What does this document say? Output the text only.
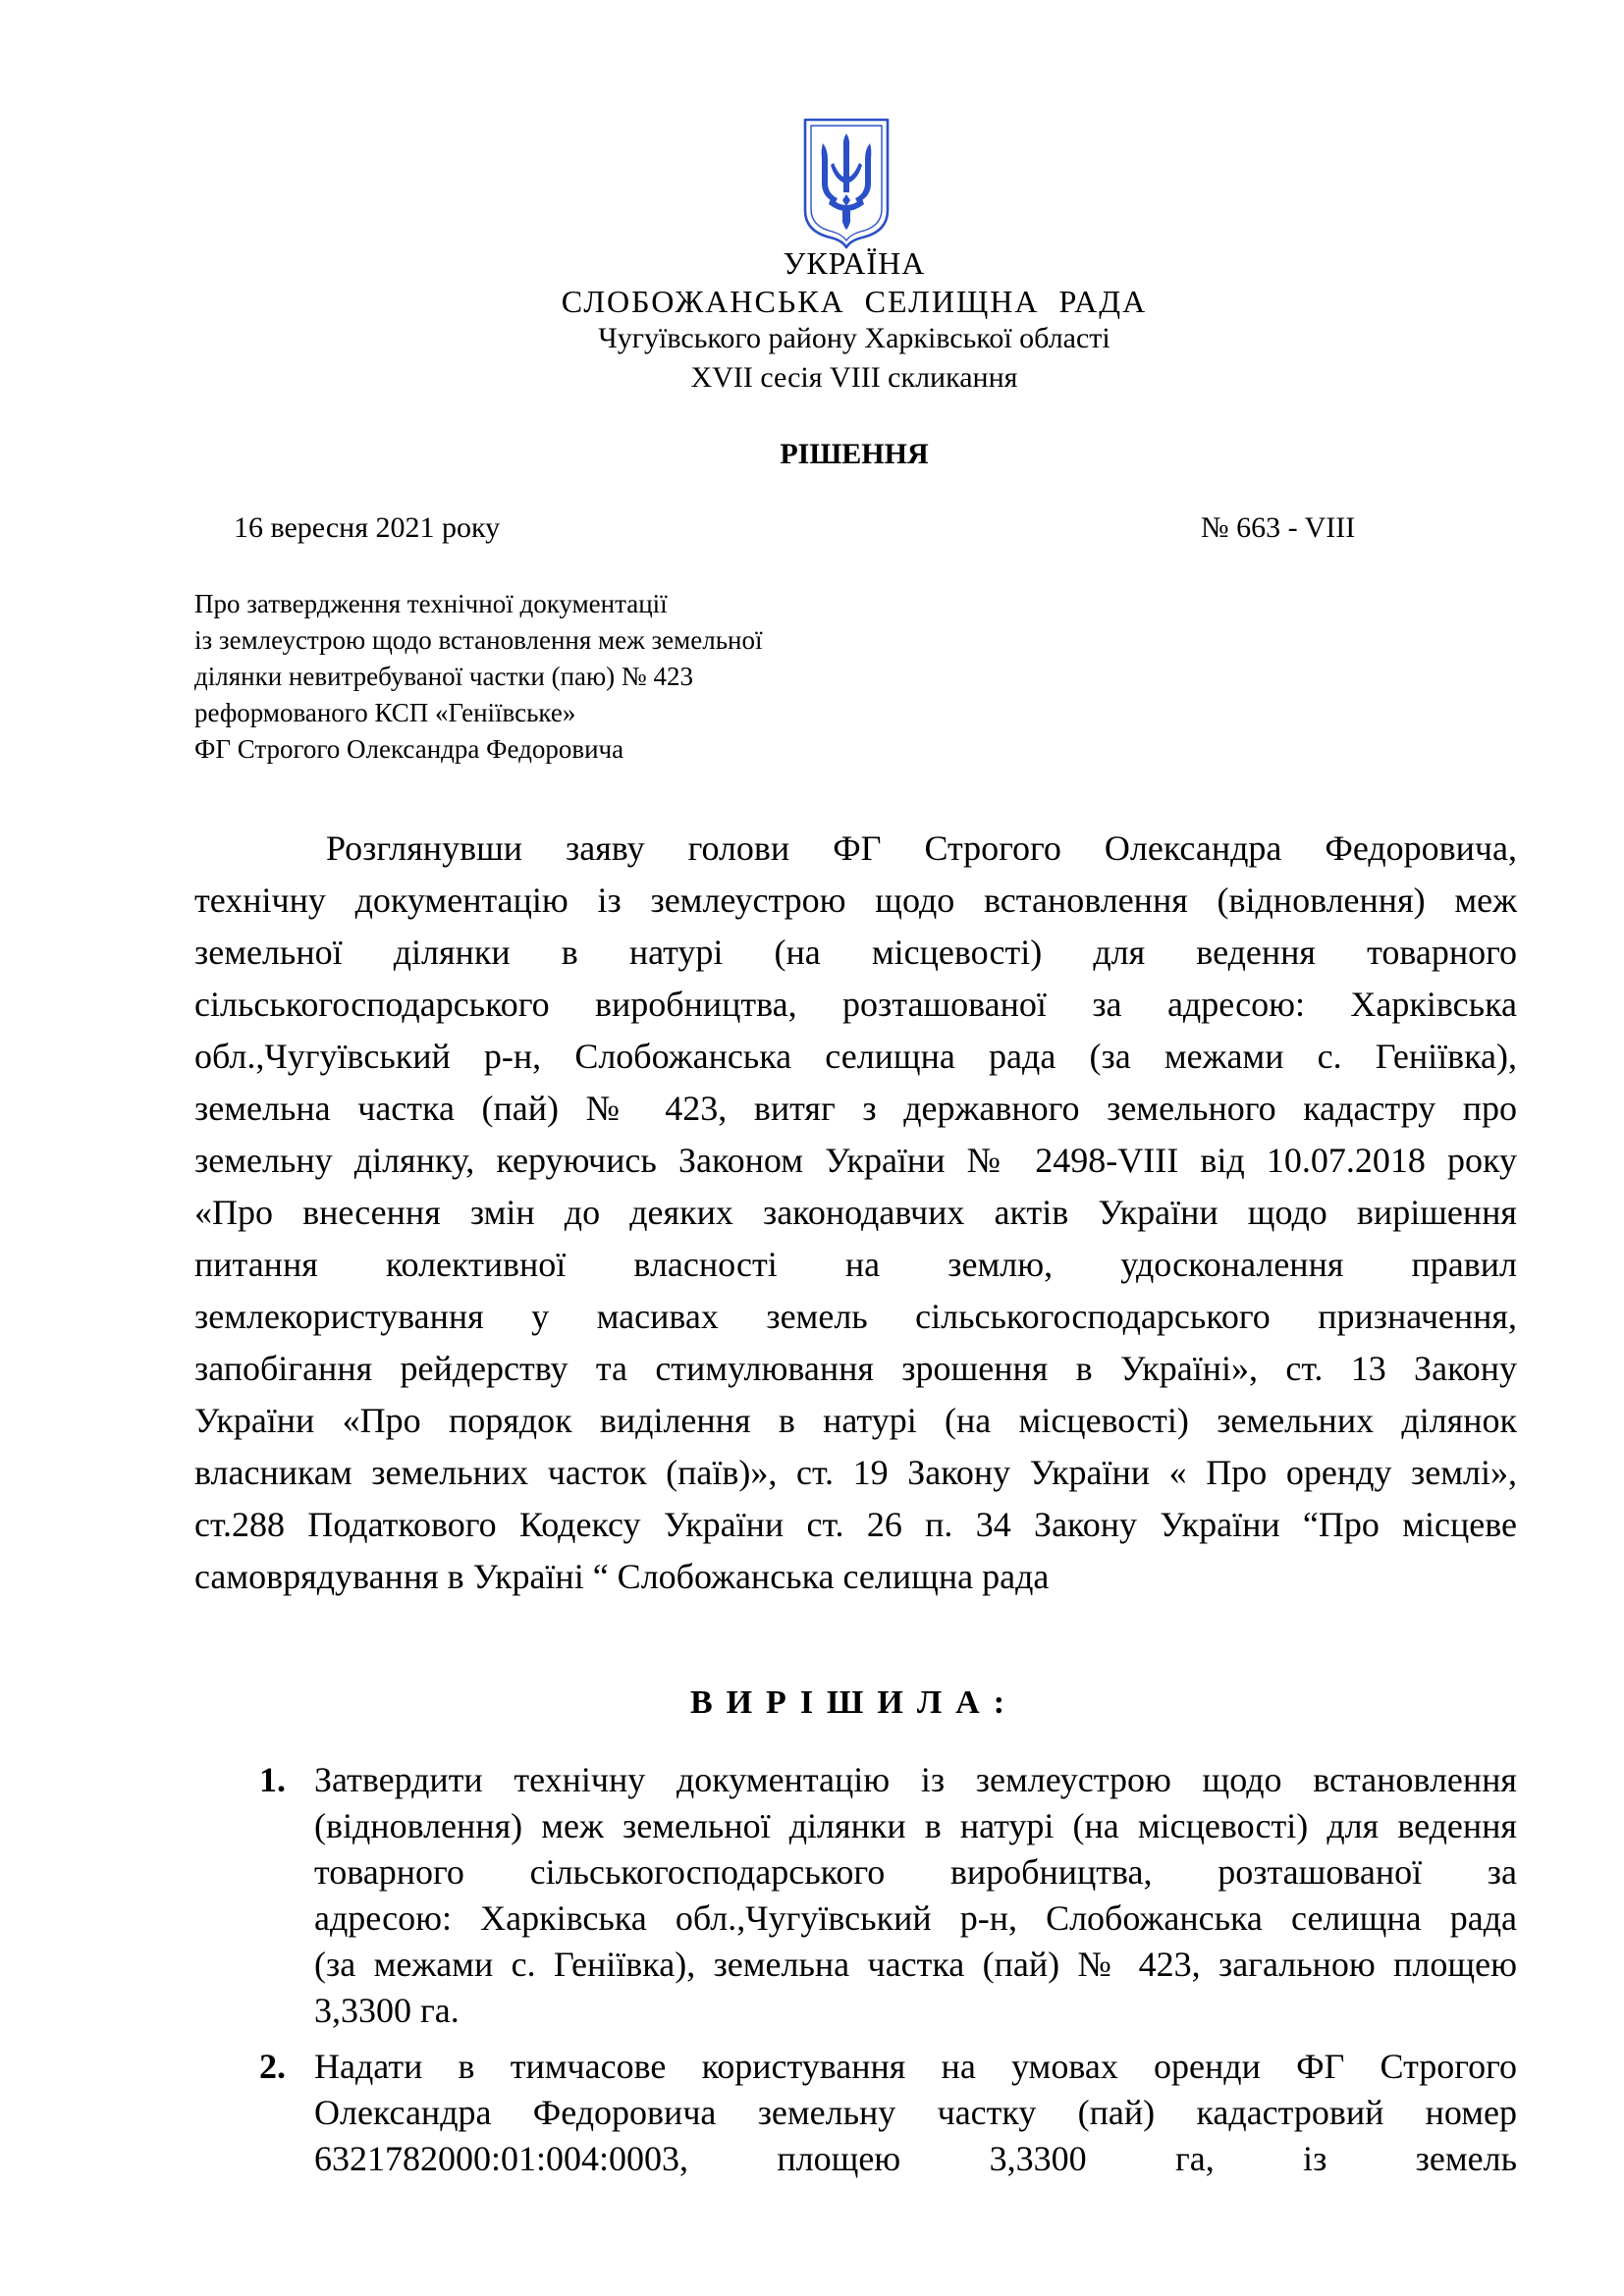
УКРАЇНА
СЛОБОЖАНСЬКА СЕЛИЩНА РАДА
Чугуївського району Харківської області
XVII сесія VIII скликання
РІШЕННЯ
16 вересня 2021 року	№ 663 - VIII
Про затвердження технічної документації
із землеустрою щодо встановлення меж земельної
ділянки невитребуваної частки (паю) № 423
реформованого КСП «Геніївське»
ФГ Строгого Олександра Федоровича
Розглянувши заяву голови ФГ Строгого Олександра Федоровича,
технічну документацію із землеустрою щодо встановлення (відновлення) меж
земельної ділянки в натурі (на місцевості) для ведення товарного
сільськогосподарського виробництва, розташованої за адресою: Харківська
обл.,Чугуївський р-н, Слобожанська селищна рада (за межами с. Геніївка),
земельна частка (пай) № 423, витяг з державного земельного кадастру про
земельну ділянку, керуючись Законом України № 2498-VIII від 10.07.2018 року
«Про внесення змін до деяких законодавчих актів України щодо вирішення
питання колективної власності на землю, удосконалення правил
землекористування у масивах земель сільськогосподарського призначення,
запобігання рейдерству та стимулювання зрошення в Україні», ст. 13 Закону
України «Про порядок виділення в натурі (на місцевості) земельних ділянок
власникам земельних часток (паїв)», ст. 19 Закону України « Про оренду землі»,
ст.288 Податкового Кодексу України ст. 26 п. 34 Закону України “Про місцеве
самоврядування в Україні “ Слобожанська селищна рада
ВИРІШИЛА:
1. Затвердити технічну документацію із землеустрою щодо встановлення
(відновлення) меж земельної ділянки в натурі (на місцевості) для ведення
товарного сільськогосподарського виробництва, розташованої за
адресою: Харківська обл.,Чугуївський р-н, Слобожанська селищна рада
(за межами с. Геніївка), земельна частка (пай) № 423, загальною площею
3,3300 га.
2. Надати в тимчасове користування на умовах оренди ФГ Строгого
Олександра Федоровича земельну частку (пай) кадастровий номер
6321782000:01:004:0003, площею 3,3300 га, із земель
